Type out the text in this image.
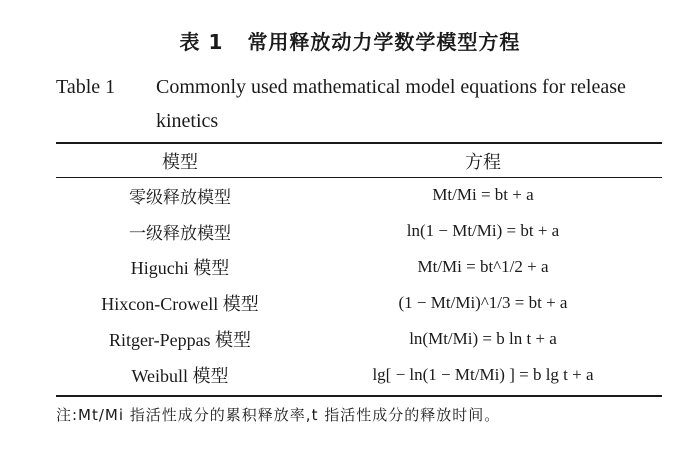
表 1 常用释放动力学数学模型方程
Table 1 Commonly used mathematical model equations for release kinetics
模型	方程
零级释放模型	Mt/Mi = bt + a
一级释放模型	ln(1 − Mt/Mi) = bt + a
Higuchi 模型	Mt/Mi = bt^1/2 + a
Hixcon-Crowell 模型	(1 − Mt/Mi)^1/3 = bt + a
Ritger-Peppas 模型	ln(Mt/Mi) = b ln t + a
Weibull 模型	lg[ − ln(1 − Mt/Mi) ] = b lg t + a
注:Mt/Mi 指活性成分的累积释放率,t 指活性成分的释放时间。
